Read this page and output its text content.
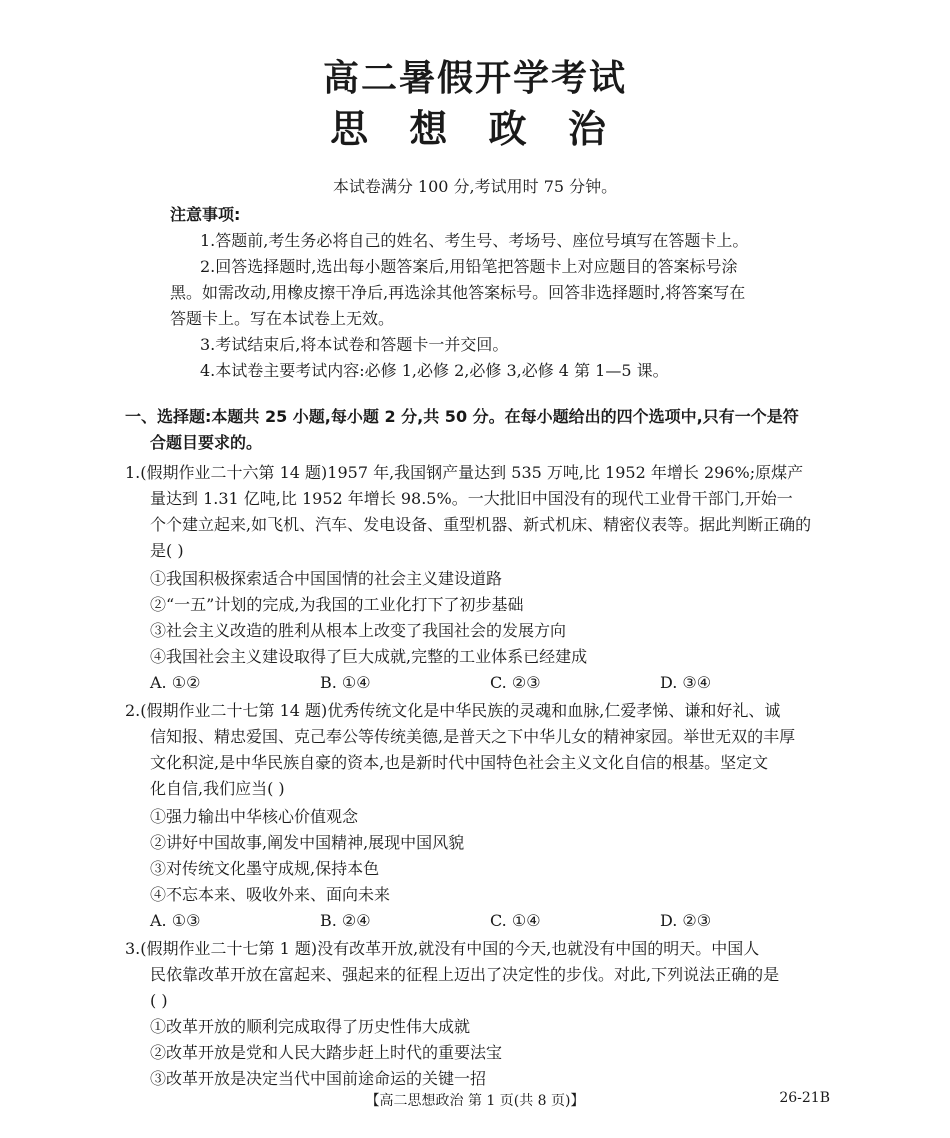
高二暑假开学考试
思 想 政 治
本试卷满分 100 分,考试用时 75 分钟。
注意事项:
1.答题前,考生务必将自己的姓名、考生号、考场号、座位号填写在答题卡上。
2.回答选择题时,选出每小题答案后,用铅笔把答题卡上对应题目的答案标号涂
黑。如需改动,用橡皮擦干净后,再选涂其他答案标号。回答非选择题时,将答案写在
答题卡上。写在本试卷上无效。
3.考试结束后,将本试卷和答题卡一并交回。
4.本试卷主要考试内容:必修 1,必修 2,必修 3,必修 4 第 1—5 课。
一、选择题:本题共 25 小题,每小题 2 分,共 50 分。在每小题给出的四个选项中,只有一个是符
合题目要求的。
1.(假期作业二十六第 14 题)1957 年,我国钢产量达到 535 万吨,比 1952 年增长 296%;原煤产
量达到 1.31 亿吨,比 1952 年增长 98.5%。一大批旧中国没有的现代工业骨干部门,开始一
个个建立起来,如飞机、汽车、发电设备、重型机器、新式机床、精密仪表等。据此判断正确的
是( )
①我国积极探索适合中国国情的社会主义建设道路
②“一五”计划的完成,为我国的工业化打下了初步基础
③社会主义改造的胜利从根本上改变了我国社会的发展方向
④我国社会主义建设取得了巨大成就,完整的工业体系已经建成
A. ①②	B. ①④	C. ②③	D. ③④
2.(假期作业二十七第 14 题)优秀传统文化是中华民族的灵魂和血脉,仁爱孝悌、谦和好礼、诚
信知报、精忠爱国、克己奉公等传统美德,是普天之下中华儿女的精神家园。举世无双的丰厚
文化积淀,是中华民族自豪的资本,也是新时代中国特色社会主义文化自信的根基。坚定文
化自信,我们应当( )
①强力输出中华核心价值观念
②讲好中国故事,阐发中国精神,展现中国风貌
③对传统文化墨守成规,保持本色
④不忘本来、吸收外来、面向未来
A. ①③	B. ②④	C. ①④	D. ②③
3.(假期作业二十七第 1 题)没有改革开放,就没有中国的今天,也就没有中国的明天。中国人
民依靠改革开放在富起来、强起来的征程上迈出了决定性的步伐。对此,下列说法正确的是
( )
①改革开放的顺利完成取得了历史性伟大成就
②改革开放是党和人民大踏步赶上时代的重要法宝
③改革开放是决定当代中国前途命运的关键一招
【高二思想政治 第 1 页(共 8 页)】	26-21B
